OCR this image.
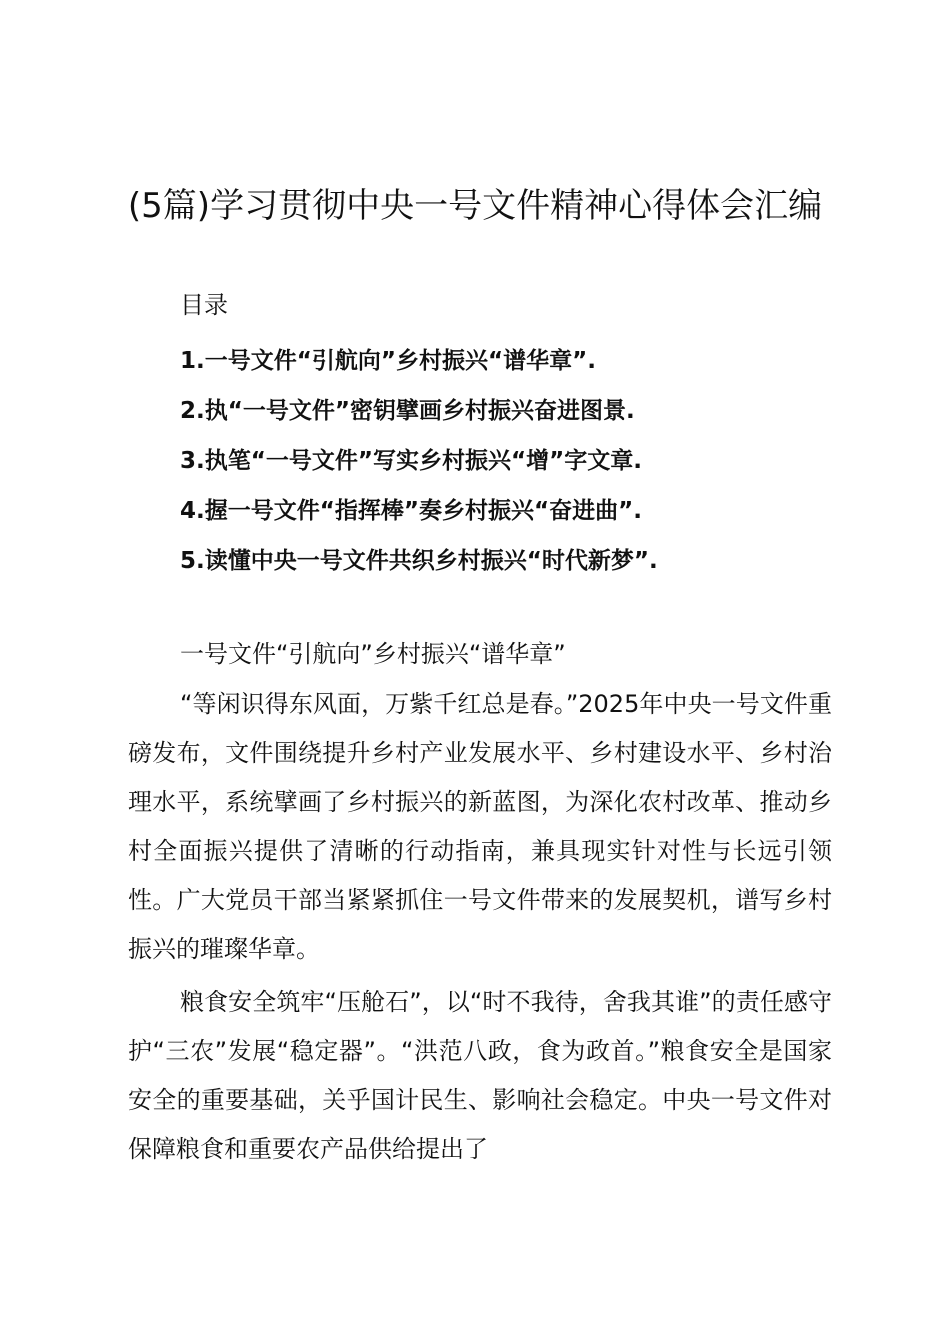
(5篇)学习贯彻中央一号文件精神心得体会汇编
目录
1.一号文件“引航向”乡村振兴“谱华章”.
2.执“一号文件”密钥擘画乡村振兴奋进图景.
3.执笔“一号文件”写实乡村振兴“增”字文章.
4.握一号文件“指挥棒”奏乡村振兴“奋进曲”.
5.读懂中央一号文件共织乡村振兴“时代新梦”.
一号文件“引航向”乡村振兴“谱华章”

“等闲识得东风面，万紫千红总是春。”2025年中央一号文件重磅发布，文件围绕提升乡村产业发展水平、乡村建设水平、乡村治理水平，系统擘画了乡村振兴的新蓝图，为深化农村改革、推动乡村全面振兴提供了清晰的行动指南，兼具现实针对性与长远引领性。广大党员干部当紧紧抓住一号文件带来的发展契机，谱写乡村振兴的璀璨华章。

粮食安全筑牢“压舱石”，以“时不我待，舍我其谁”的责任感守护“三农”发展“稳定器”。“洪范八政，食为政首。”粮食安全是国家安全的重要基础，关乎国计民生、影响社会稳定。中央一号文件对保障粮食和重要农产品供给提出了
